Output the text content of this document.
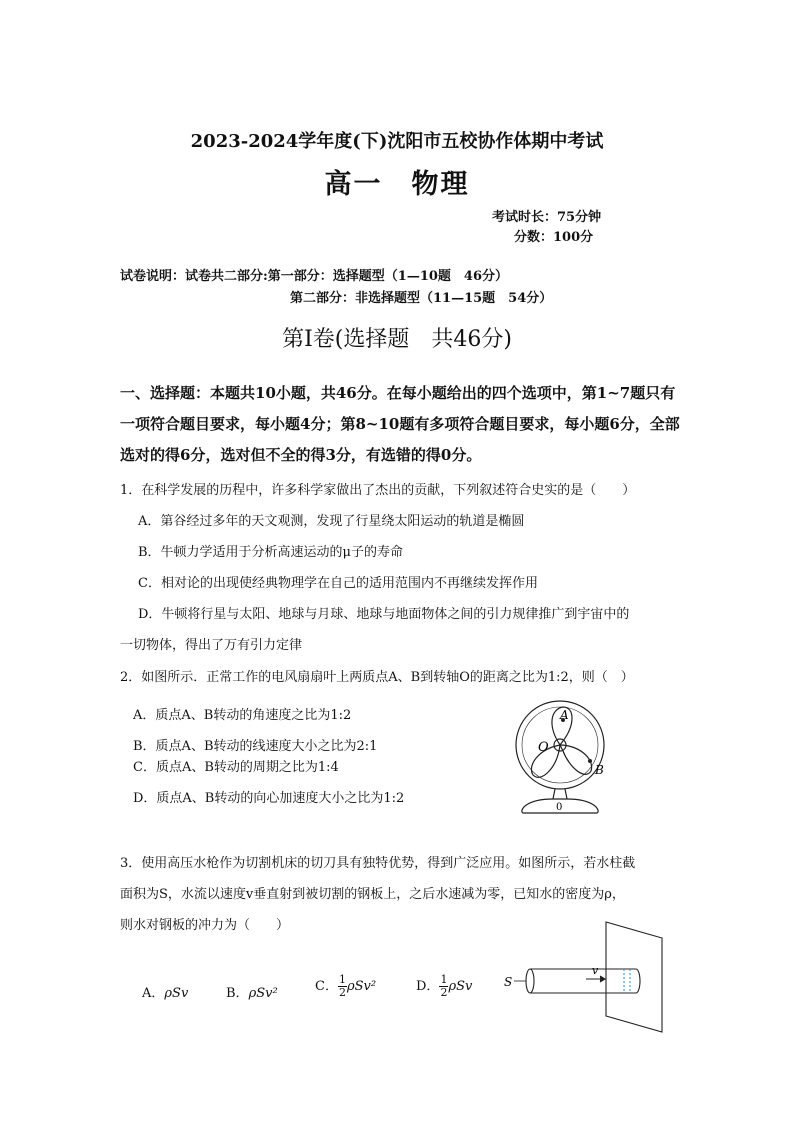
2023-2024学年度(下)沈阳市五校协作体期中考试
高一　物理
考试时长：75分钟
分数：100分
试卷说明：试卷共二部分:第一部分：选择题型（1—10题　46分）
第二部分：非选择题型（11—15题　54分）
第Ⅰ卷(选择题　共46分)
一、选择题：本题共10小题，共46分。在每小题给出的四个选项中，第1~7题只有一项符合题目要求，每小题4分；第8~10题有多项符合题目要求，每小题6分，全部选对的得6分，选对但不全的得3分，有选错的得0分。
1．在科学发展的历程中，许多科学家做出了杰出的贡献，下列叙述符合史实的是（　　）
A．第谷经过多年的天文观测，发现了行星绕太阳运动的轨道是椭圆
B．牛顿力学适用于分析高速运动的μ子的寿命
C．相对论的出现使经典物理学在自己的适用范围内不再继续发挥作用
D．牛顿将行星与太阳、地球与月球、地球与地面物体之间的引力规律推广到宇宙中的
一切物体，得出了万有引力定律
2．如图所示．正常工作的电风扇扇叶上两质点A、B到转轴O的距离之比为1:2，则（　）
A．质点A、B转动的角速度之比为1:2
B．质点A、B转动的线速度大小之比为2:1
C．质点A、B转动的周期之比为1:4
D．质点A、B转动的向心加速度大小之比为1:2
A
O
B
0
3．使用高压水枪作为切割机床的切刀具有独特优势，得到广泛应用。如图所示，若水柱截
面积为S，水流以速度v垂直射到被切割的钢板上，之后水速减为零，已知水的密度为ρ，
则水对钢板的冲力为（　　）
A．ρSv	B．ρSv²	C． $\frac{1}{2} \rho Sv^2$	D． $\frac{1}{2}$ ρSv	S
v
